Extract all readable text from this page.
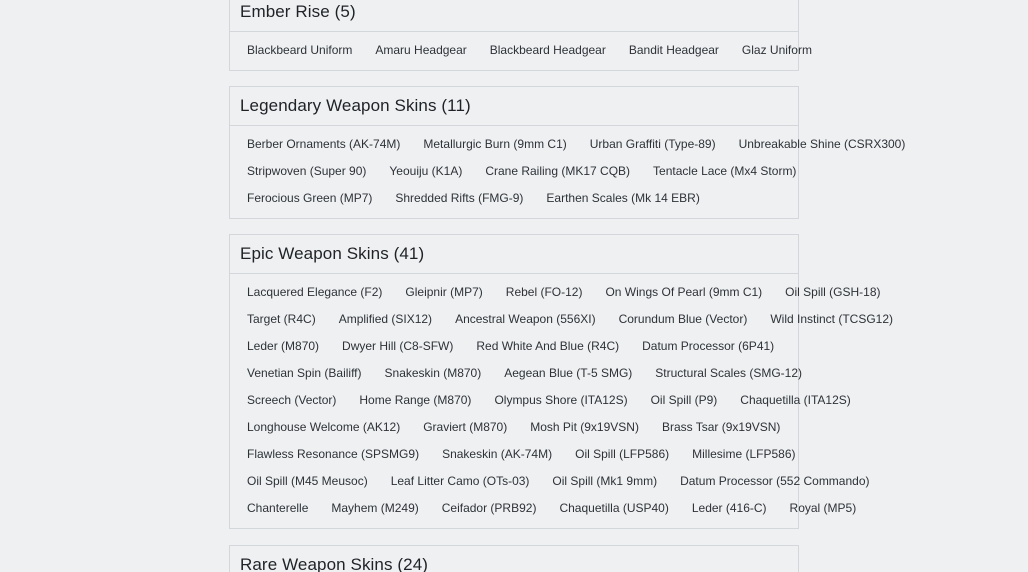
Ember Rise (5)
Blackbeard Uniform	Amaru Headgear	Blackbeard Headgear	Bandit Headgear	Glaz Uniform
Legendary Weapon Skins (11)
Berber Ornaments (AK-74M)	Metallurgic Burn (9mm C1)	Urban Graffiti (Type-89)	Unbreakable Shine (CSRX300)
Stripwoven (Super 90)	Yeouiju (K1A)	Crane Railing (MK17 CQB)	Tentacle Lace (Mx4 Storm)
Ferocious Green (MP7)	Shredded Rifts (FMG-9)	Earthen Scales (Mk 14 EBR)
Epic Weapon Skins (41)
Lacquered Elegance (F2)	Gleipnir (MP7)	Rebel (FO-12)	On Wings Of Pearl (9mm C1)	Oil Spill (GSH-18)
Target (R4C)	Amplified (SIX12)	Ancestral Weapon (556XI)	Corundum Blue (Vector)	Wild Instinct (TCSG12)
Leder (M870)	Dwyer Hill (C8-SFW)	Red White And Blue (R4C)	Datum Processor (6P41)
Venetian Spin (Bailiff)	Snakeskin (M870)	Aegean Blue (T-5 SMG)	Structural Scales (SMG-12)
Screech (Vector)	Home Range (M870)	Olympus Shore (ITA12S)	Oil Spill (P9)	Chaquetilla (ITA12S)
Longhouse Welcome (AK12)	Graviert (M870)	Mosh Pit (9x19VSN)	Brass Tsar (9x19VSN)
Flawless Resonance (SPSMG9)	Snakeskin (AK-74M)	Oil Spill (LFP586)	Millesime (LFP586)
Oil Spill (M45 Meusoc)	Leaf Litter Camo (OTs-03)	Oil Spill (Mk1 9mm)	Datum Processor (552 Commando)
Chanterelle	Mayhem (M249)	Ceifador (PRB92)	Chaquetilla (USP40)	Leder (416-C)	Royal (MP5)
Rare Weapon Skins (24)
